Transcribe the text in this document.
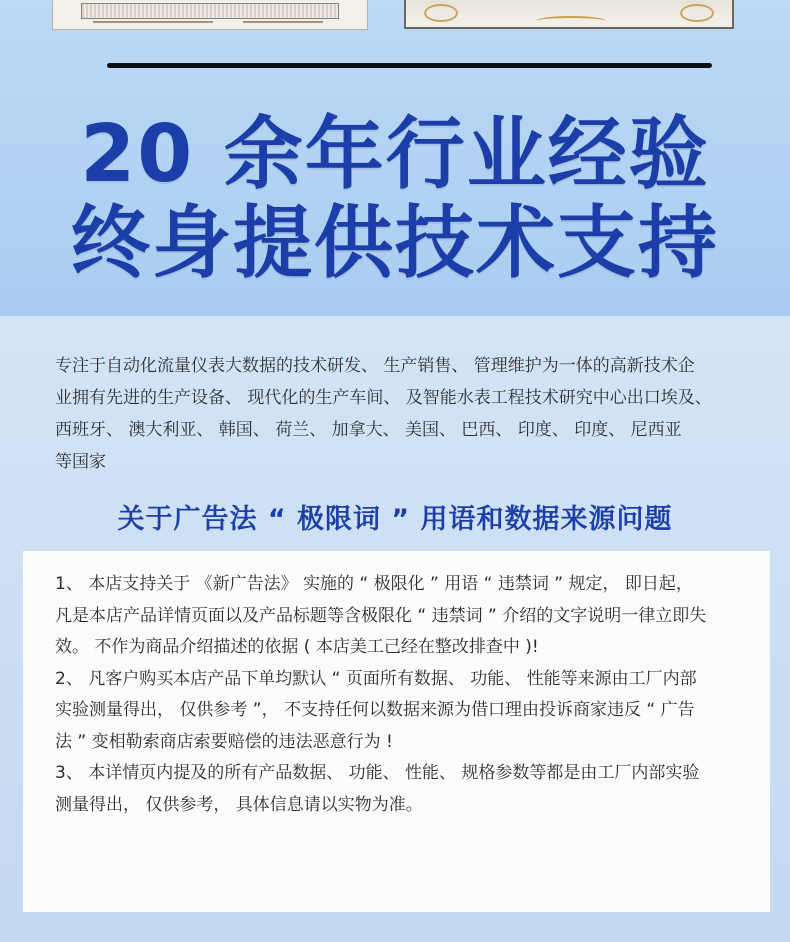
20 余年行业经验
终身提供技术支持

专注于自动化流量仪表大数据的技术研发、 生产销售、 管理维护为一体的高新技术企
业拥有先进的生产设备、 现代化的生产车间、 及智能水表工程技术研究中心出口埃及、
西班牙、 澳大利亚、 韩国、 荷兰、 加拿大、 美国、 巴西、 印度、 印度、 尼西亚
等国家

关于广告法 “ 极限词 ” 用语和数据来源问题

1、 本店支持关于 《新广告法》 实施的 “ 极限化 ” 用语 “ 违禁词 ” 规定， 即日起，
凡是本店产品详情页面以及产品标题等含极限化 “ 违禁词 ” 介绍的文字说明一律立即失
效。 不作为商品介绍描述的依据 ( 本店美工己经在整改排查中 )!
2、 凡客户购买本店产品下单均默认 “ 页面所有数据、 功能、 性能等来源由工厂内部
实验测量得出， 仅供参考 ”， 不支持任何以数据来源为借口理由投诉商家违反 “ 广告
法 ” 变相勒索商店索要赔偿的违法恶意行为 !
3、 本详情页内提及的所有产品数据、 功能、 性能、 规格参数等都是由工厂内部实验
测量得出， 仅供参考， 具体信息请以实物为准。
